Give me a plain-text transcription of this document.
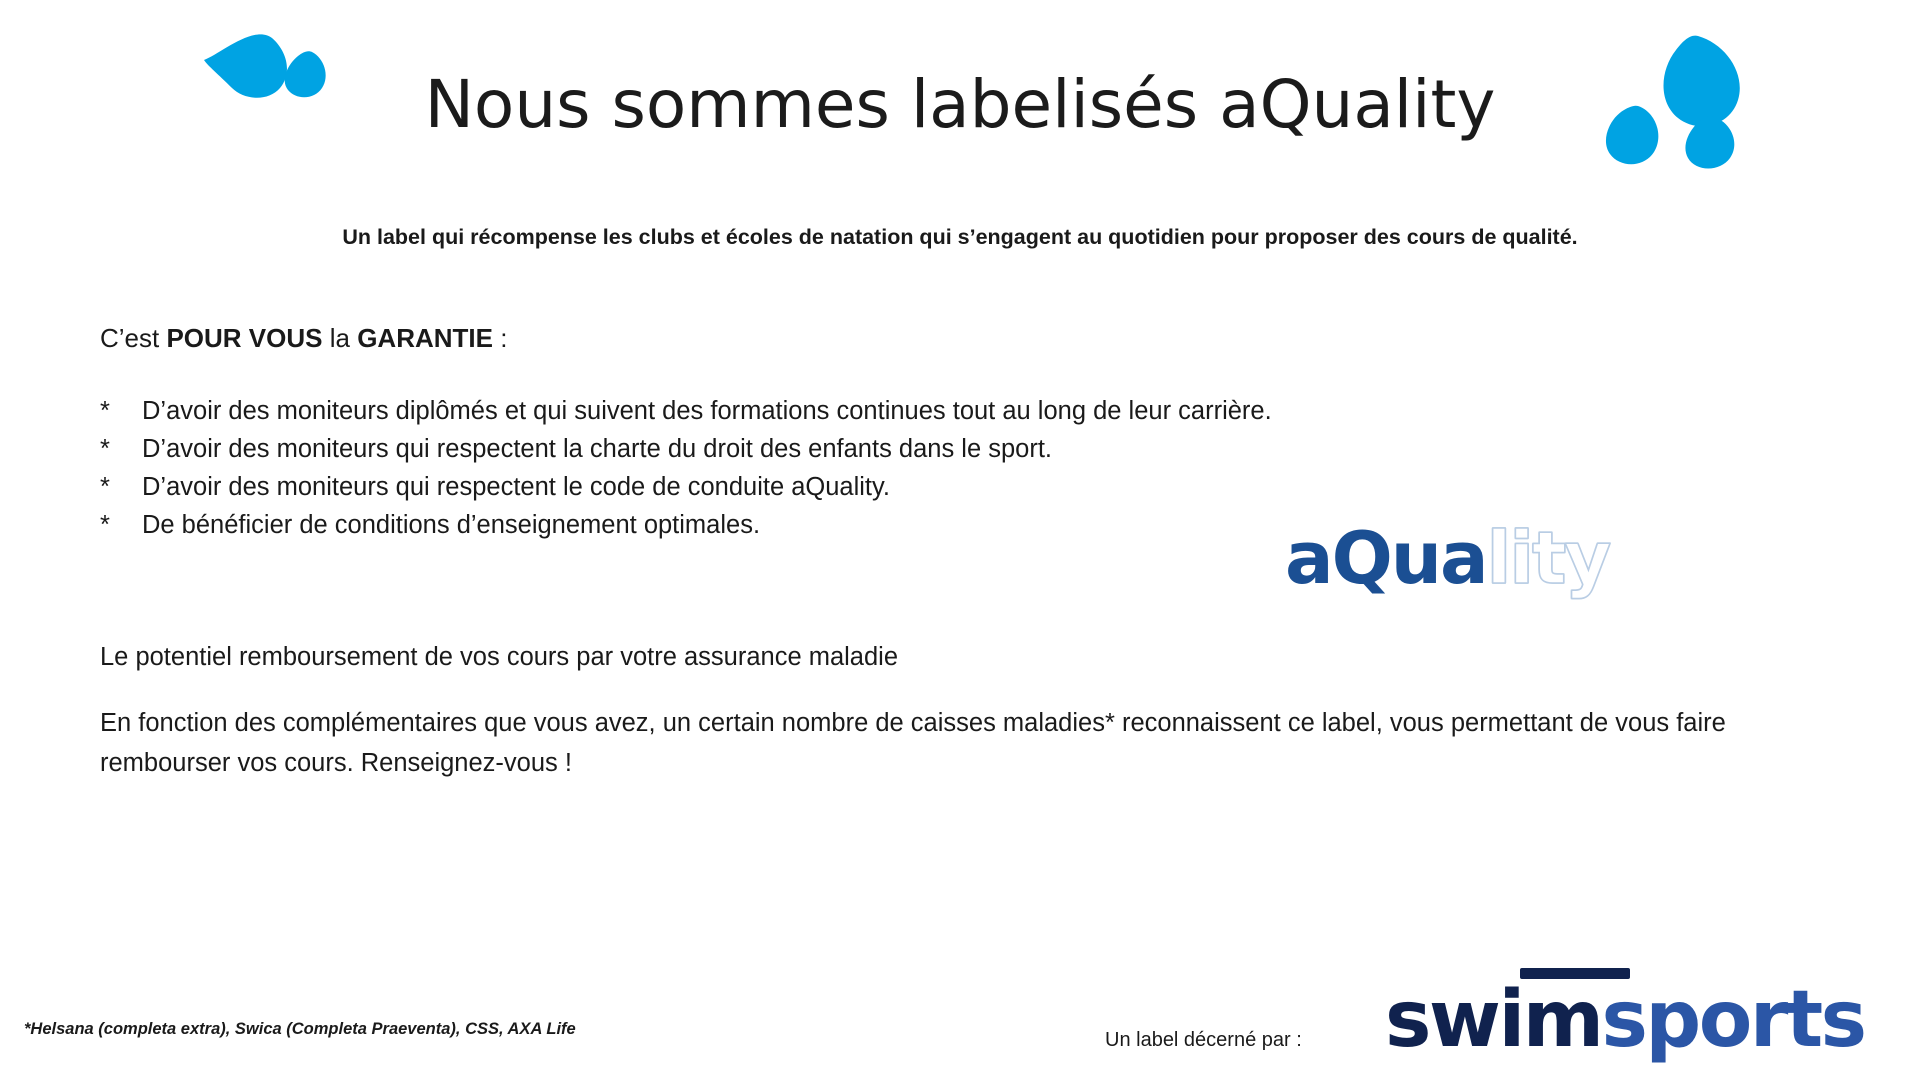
Nous sommes labelisés aQuality
Un label qui récompense les clubs et écoles de natation qui s’engagent au quotidien pour proposer des cours de qualité.
C’est POUR VOUS la GARANTIE :
*	D’avoir des moniteurs diplômés et qui suivent des formations continues tout au long de leur carrière.
*	D’avoir des moniteurs qui respectent la charte du droit des enfants dans le sport.
*	D’avoir des moniteurs qui respectent le code de conduite aQuality.
*	De bénéficier de conditions d’enseignement optimales.	aQuality
Le potentiel remboursement de vos cours par votre assurance maladie
En fonction des complémentaires que vous avez, un certain nombre de caisses maladies* reconnaissent ce label, vous permettant de vous faire rembourser vos cours. Renseignez-vous !
*Helsana (completa extra), Swica (Completa Praeventa), CSS, AXA Life	Un label décerné par : swimsports
